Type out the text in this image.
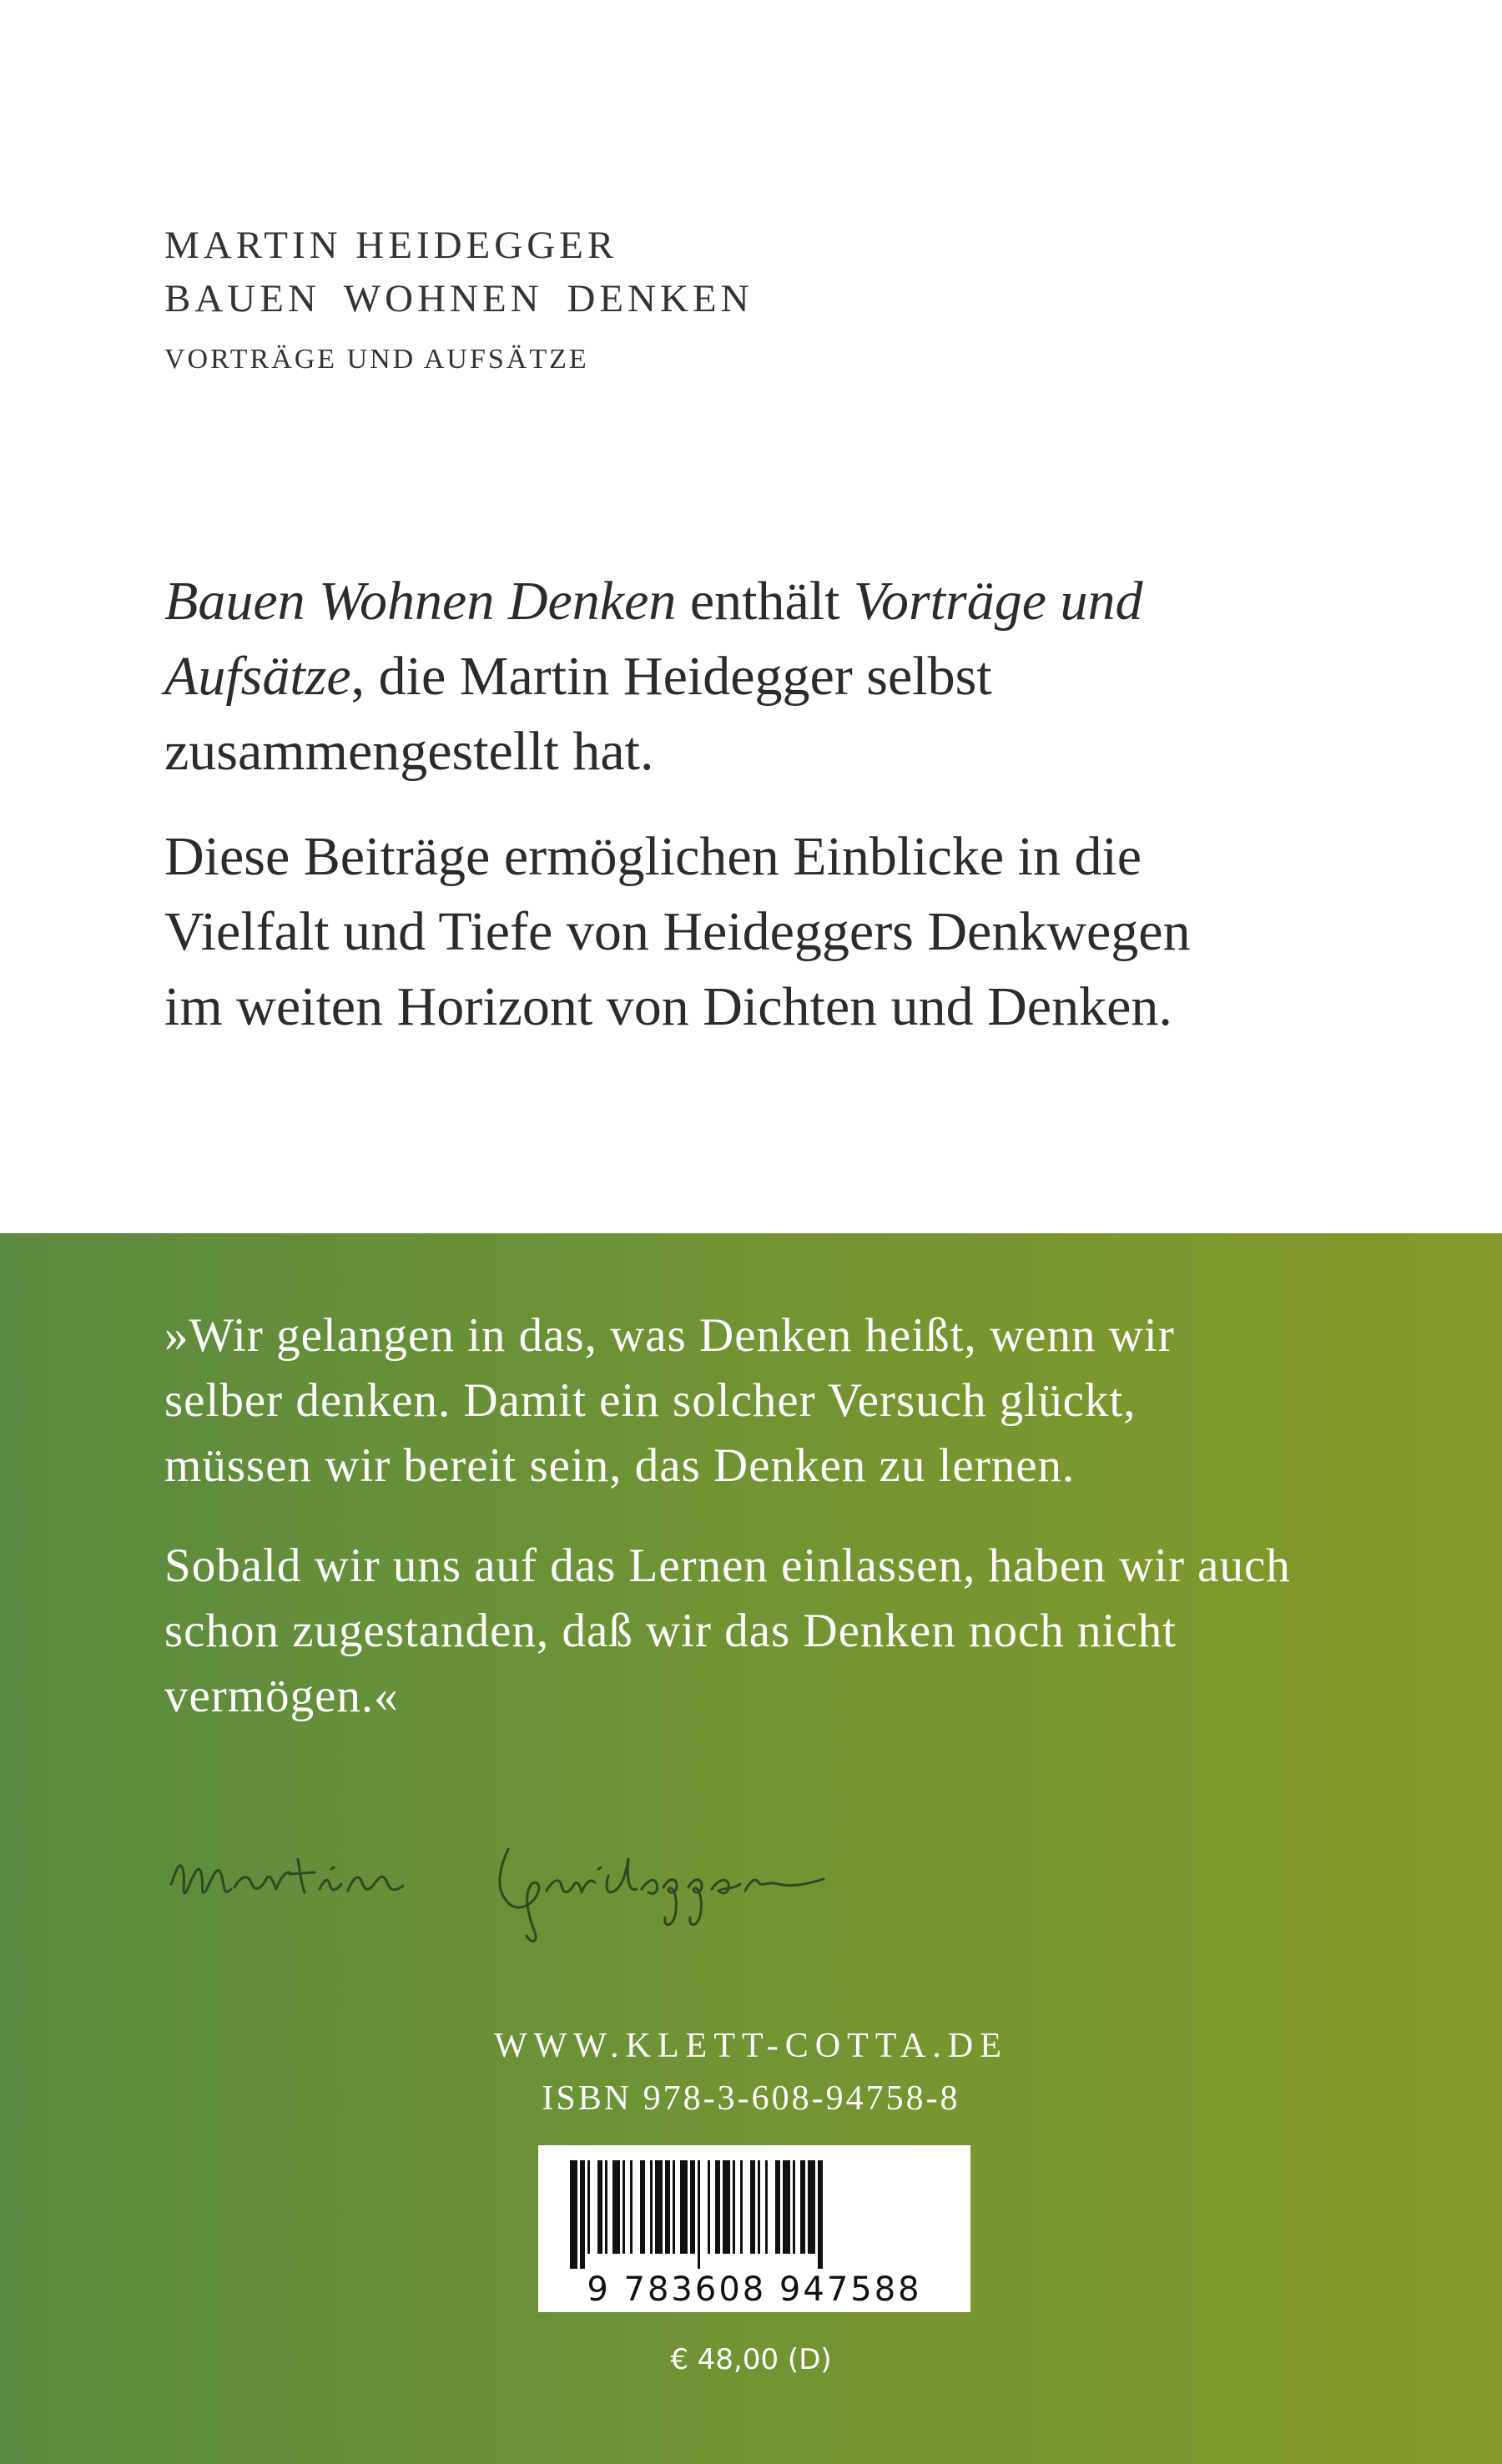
MARTIN HEIDEGGER
BAUEN WOHNEN DENKEN
VORTRÄGE UND AUFSÄTZE

Bauen Wohnen Denken enthält Vorträge und Aufsätze, die Martin Heidegger selbst zusammengestellt hat.

Diese Beiträge ermöglichen Einblicke in die Vielfalt und Tiefe von Heideggers Denkwegen im weiten Horizont von Dichten und Denken.

»Wir gelangen in das, was Denken heißt, wenn wir selber denken. Damit ein solcher Versuch glückt, müssen wir bereit sein, das Denken zu lernen.

Sobald wir uns auf das Lernen einlassen, haben wir auch schon zugestanden, daß wir das Denken noch nicht vermögen.«

WWW.KLETT-COTTA.DE
ISBN 978-3-608-94758-8
9 783608 947588
€ 48,00 (D)
